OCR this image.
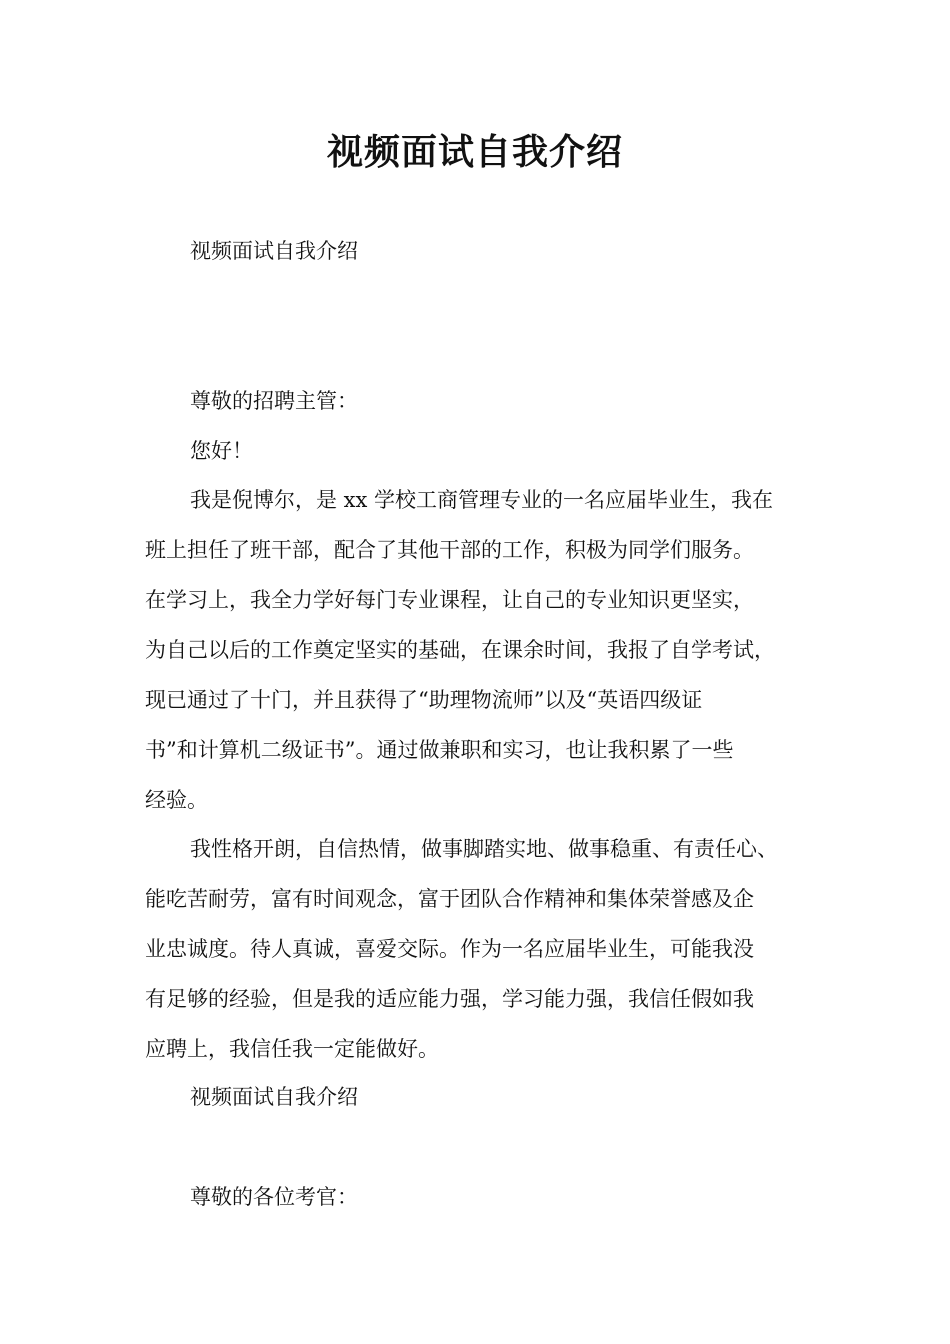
视频面试自我介绍
视频面试自我介绍
尊敬的招聘主管：
您好！
我是倪博尔，是 xx 学校工商管理专业的一名应届毕业生，我在
班上担任了班干部，配合了其他干部的工作，积极为同学们服务。
在学习上，我全力学好每门专业课程，让自己的专业知识更坚实，
为自己以后的工作奠定坚实的基础，在课余时间，我报了自学考试，
现已通过了十门，并且获得了“助理物流师”以及“英语四级证
书”和计算机二级证书”。通过做兼职和实习，也让我积累了一些
经验。
我性格开朗，自信热情，做事脚踏实地、做事稳重、有责任心、
能吃苦耐劳，富有时间观念，富于团队合作精神和集体荣誉感及企
业忠诚度。待人真诚，喜爱交际。作为一名应届毕业生，可能我没
有足够的经验，但是我的适应能力强，学习能力强，我信任假如我
应聘上，我信任我一定能做好。
视频面试自我介绍
尊敬的各位考官：
